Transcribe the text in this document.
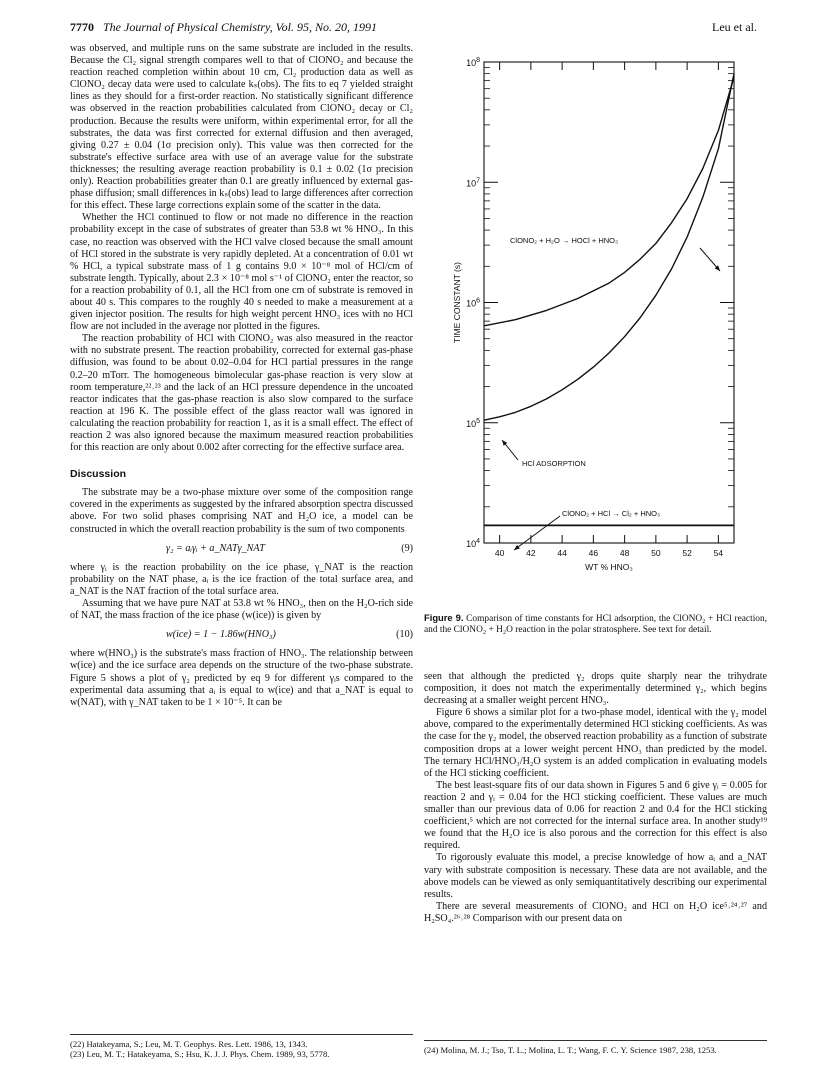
7770 The Journal of Physical Chemistry, Vol. 95, No. 20, 1991	Leu et al.

was observed, and multiple runs on the same substrate are included in the results. Because the Cl₂ signal strength compares well to that of ClONO₂ and because the reaction reached completion within about 10 cm, Cl₂ production data as well as ClONO₂ decay data were used to calculate kₛ(obs). The fits to eq 7 yielded straight lines as they should for a first-order reaction. No statistically significant difference was observed in the reaction probabilities calculated from ClONO₂ decay or Cl₂ production. Because the results were uniform, within experimental error, for all the substrates, the data was first corrected for external diffusion and then averaged, giving 0.27 ± 0.04 (1σ precision only). This value was then corrected for the substrate's effective surface area with use of an average value for the substrate thicknesses; the resulting average reaction probability is 0.1 ± 0.02 (1σ precision only). Reaction probabilities greater than 0.1 are greatly influenced by external gas-phase diffusion; small differences in kₛ(obs) lead to large differences after correction for this effect. These large corrections explain some of the scatter in the data.

Whether the HCl continued to flow or not made no difference in the reaction probability except in the case of substrates of greater than 53.8 wt % HNO₃. In this case, no reaction was observed with the HCl valve closed because the small amount of HCl stored in the substrate is very rapidly depleted. At a concentration of 0.01 wt % HCl, a typical substrate mass of 1 g contains 9.0 × 10⁻⁸ mol of HCl/cm of substrate length. Typically, about 2.3 × 10⁻⁸ mol s⁻¹ of ClONO₂ enter the reactor, so for a reaction probability of 0.1, all the HCl from one cm of substrate is removed in about 40 s. This compares to the roughly 40 s needed to make a measurement at a given injector position. The results for high weight percent HNO₃ ices with no HCl flow are not included in the average nor plotted in the figures.

The reaction probability of HCl with ClONO₂ was also measured in the reactor with no substrate present. The reaction probability, corrected for external gas-phase diffusion, was found to be about 0.02–0.04 for HCl partial pressures in the range 0.2–20 mTorr. The homogeneous bimolecular gas-phase reaction is very slow at room temperature,²²˒²³ and the lack of an HCl pressure dependence in the uncoated reactor indicates that the gas-phase reaction is also slow compared to the surface reaction at 196 K. The possible effect of the glass reactor wall was ignored in calculating the reaction probability for reaction 1, as it is a small effect. The effect of reaction 2 was also ignored because the maximum measured reaction probabilities for this reaction are only about 0.002 after correcting for the effective surface area.

Discussion

The substrate may be a two-phase mixture over some of the composition range covered in the experiments as suggested by the infrared absorption spectra discussed above. For two solid phases comprising NAT and H₂O ice, a model can be constructed in which the overall reaction probability is the sum of two components

γ₂ = aᵢγᵢ + a_NATγ_NAT	(9)

where γᵢ is the reaction probability on the ice phase, γ_NAT is the reaction probability on the NAT phase, aᵢ is the ice fraction of the total surface area, and a_NAT is the NAT fraction of the total surface area.

Assuming that we have pure NAT at 53.8 wt % HNO₃, then on the H₂O-rich side of NAT, the mass fraction of the ice phase (w(ice)) is given by

w(ice) = 1 − 1.86w(HNO₃)	(10)

where w(HNO₃) is the substrate's mass fraction of HNO₃. The relationship between w(ice) and the ice surface area depends on the structure of the two-phase substrate. Figure 5 shows a plot of γ₂ predicted by eq 9 for different γᵢs compared to the experimental data assuming that aᵢ is equal to w(ice) and that a_NAT is equal to w(NAT), with γ_NAT taken to be 1 × 10⁻⁵. It can be

(22) Hatakeyama, S.; Leu, M. T. Geophys. Res. Lett. 1986, 13, 1343.
(23) Leu, M. T.; Hatakeyama, S.; Hsu, K. J. J. Phys. Chem. 1989, 93, 5778.
$10^4$
$10^5$
$10^6$
$10^7$
$10^8$
40	42	44	46	48	50	52	54
WT % HNO₃
TIME CONSTANT (s)
ClONO₂ + H₂O → HOCl + HNO₃
HCl ADSORPTION
ClONO₂ + HCl → Cl₂ + HNO₃
Figure 9. Comparison of time constants for HCl adsorption, the ClONO₂ + HCl reaction, and the ClONO₂ + H₂O reaction in the polar stratosphere. See text for detail.

seen that although the predicted γ₂ drops quite sharply near the trihydrate composition, it does not match the experimentally determined γ₂, which begins decreasing at a smaller weight percent HNO₃.

Figure 6 shows a similar plot for a two-phase model, identical with the γ₂ model above, compared to the experimentally determined HCl sticking coefficients. As was the case for the γ₂ model, the observed reaction probability as a function of substrate composition drops at a lower weight percent HNO₃ than predicted by the model. The ternary HCl/HNO₃/H₂O system is an added complication in evaluating models of the HCl sticking coefficient.

The best least-square fits of our data shown in Figures 5 and 6 give γᵢ = 0.005 for reaction 2 and γᵢ = 0.04 for the HCl sticking coefficient. These values are much smaller than our previous data of 0.06 for reaction 2 and 0.4 for the HCl sticking coefficient,⁵ which are not corrected for the internal surface area. In another study¹⁹ we found that the H₂O ice is also porous and the correction for this effect is also required.

To rigorously evaluate this model, a precise knowledge of how aᵢ and a_NAT vary with substrate composition is necessary. These data are not available, and the above models can be viewed as only semiquantitatively describing our experimental results.

There are several measurements of ClONO₂ and HCl on H₂O ice⁵˒²⁴˒²⁷ and H₂SO₄.²⁶˒²⁸ Comparison with our present data on

(24) Molina, M. J.; Tso, T. L.; Molina, L. T.; Wang, F. C. Y. Science 1987, 238, 1253.
